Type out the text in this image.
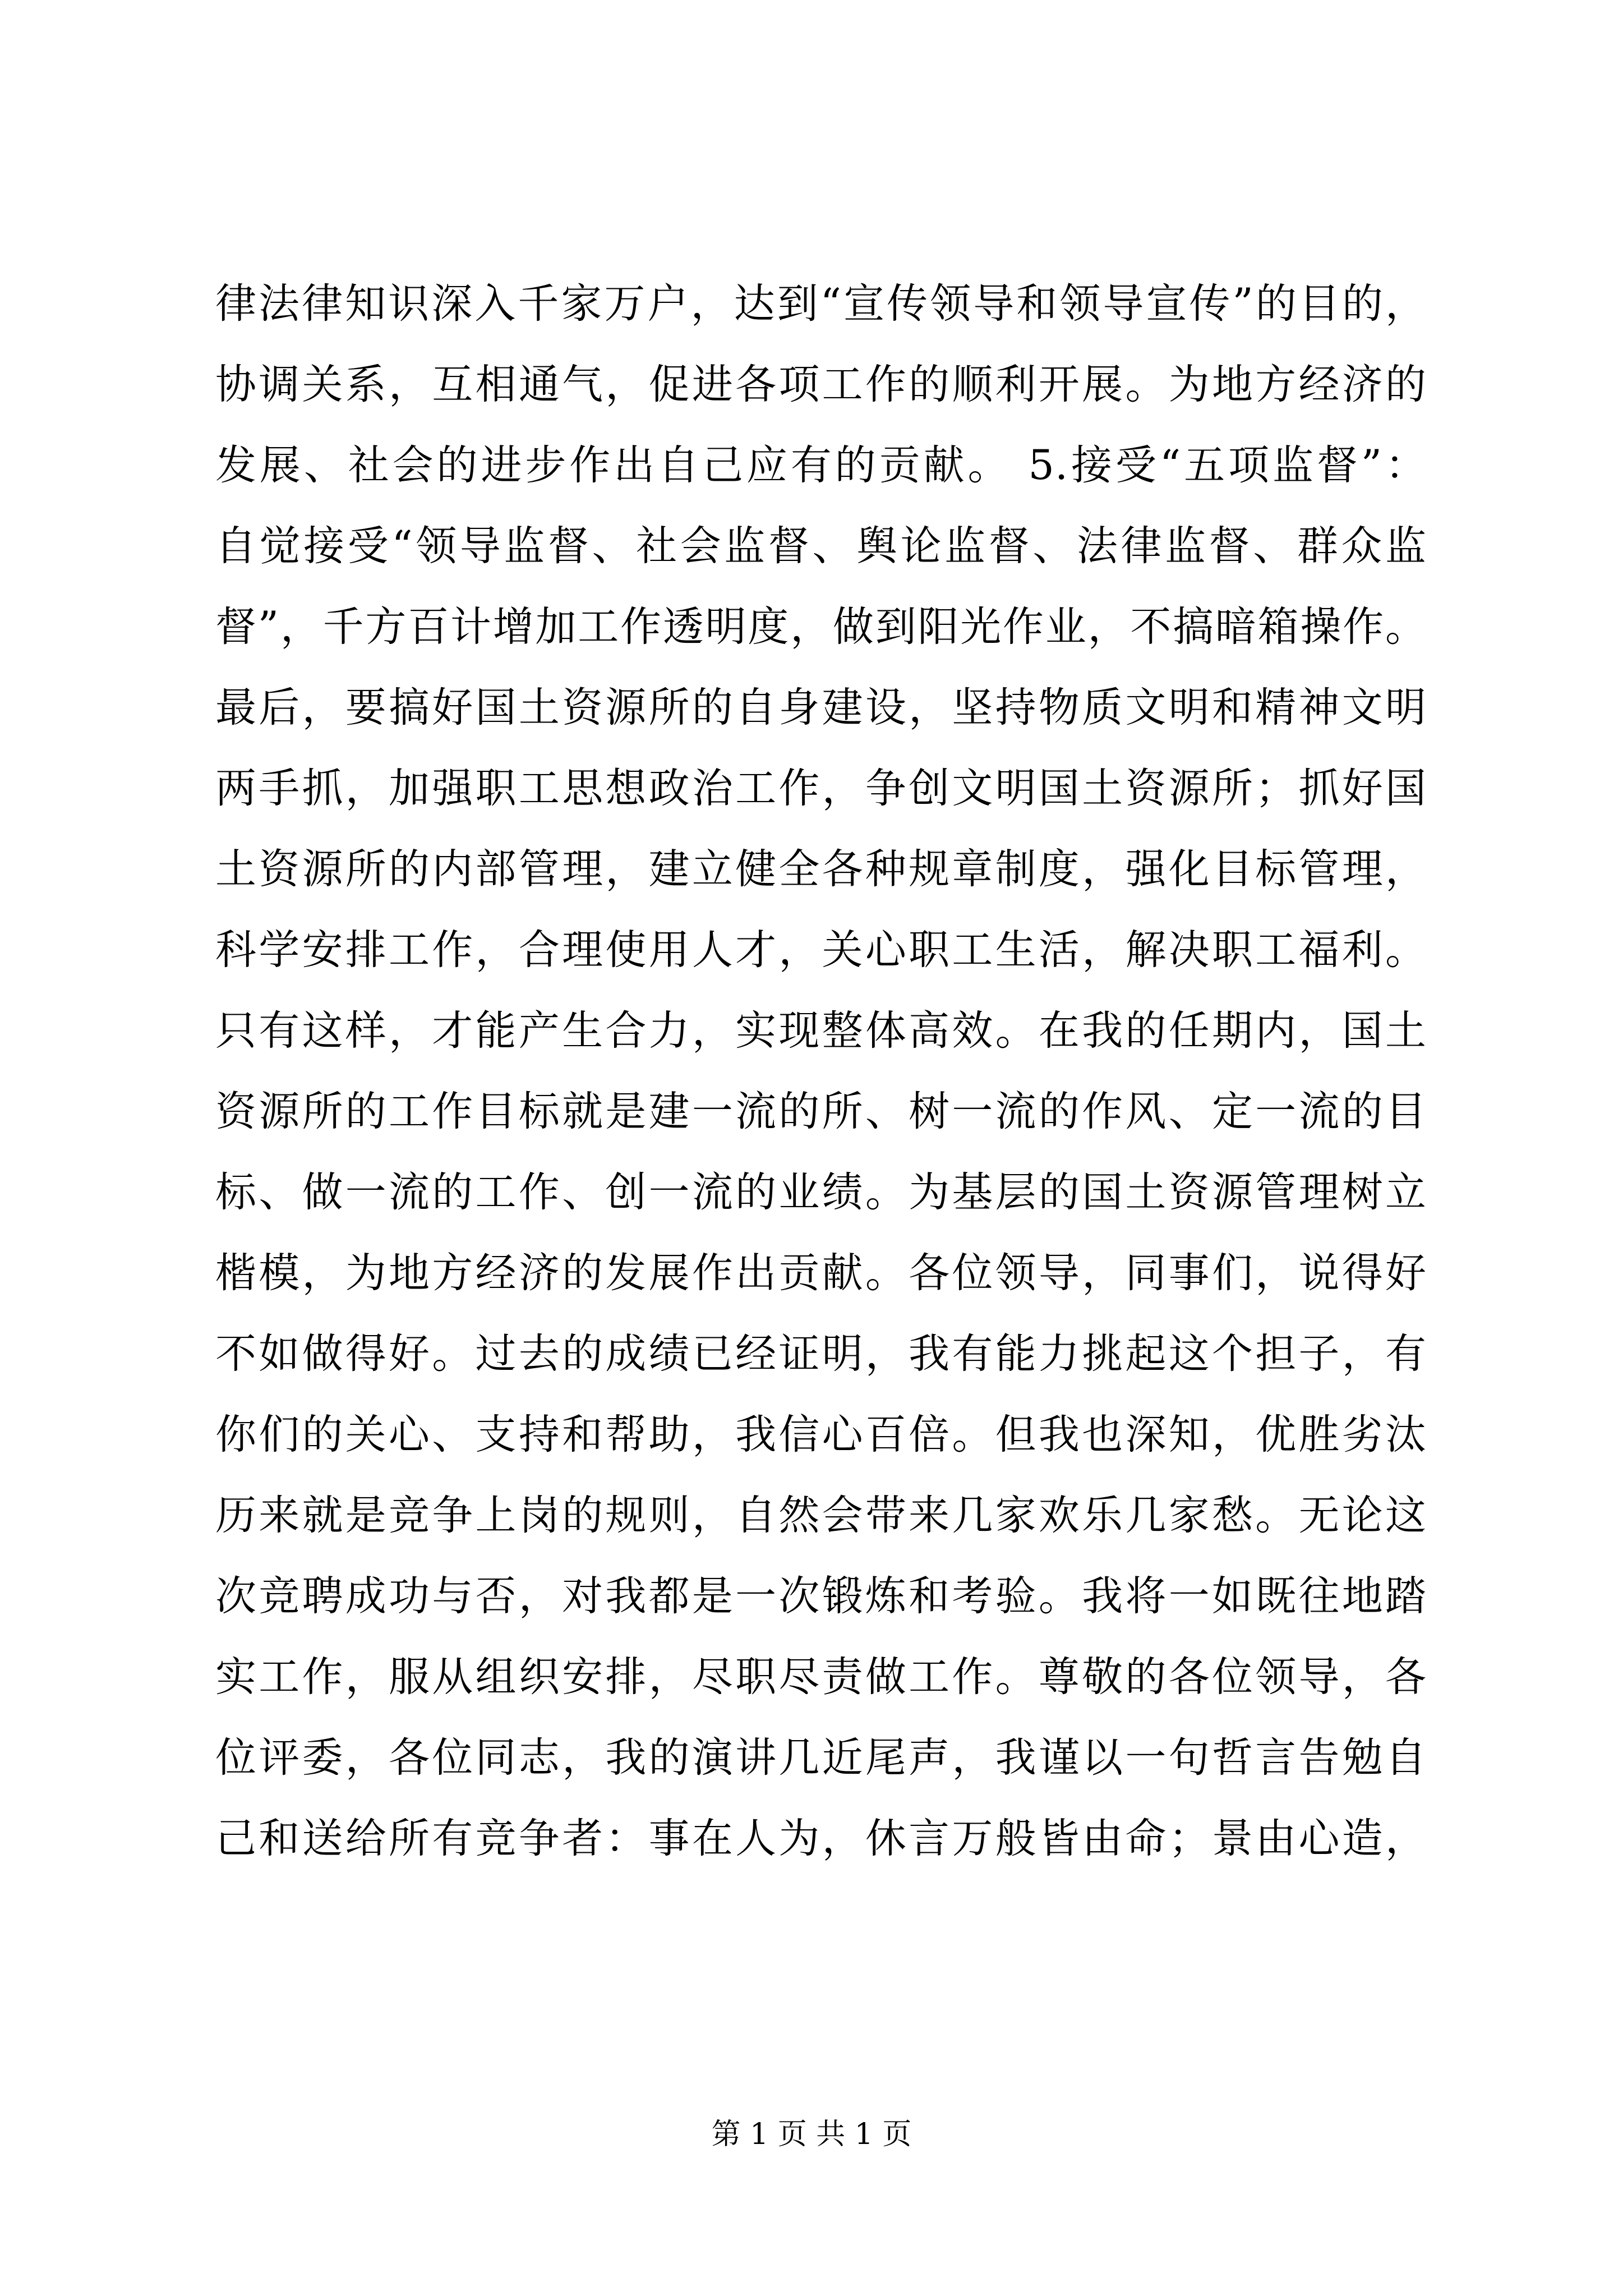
律法律知识深入千家万户，达到“宣传领导和领导宣传”的目的，
协调关系，互相通气，促进各项工作的顺利开展。为地方经济的
发展、社会的进步作出自己应有的贡献。 5.接受“五项监督”：
自觉接受“领导监督、社会监督、舆论监督、法律监督、群众监
督”，千方百计增加工作透明度，做到阳光作业，不搞暗箱操作。
最后，要搞好国土资源所的自身建设，坚持物质文明和精神文明
两手抓，加强职工思想政治工作，争创文明国土资源所；抓好国
土资源所的内部管理，建立健全各种规章制度，强化目标管理，
科学安排工作，合理使用人才，关心职工生活，解决职工福利。
只有这样，才能产生合力，实现整体高效。在我的任期内，国土
资源所的工作目标就是建一流的所、树一流的作风、定一流的目
标、做一流的工作、创一流的业绩。为基层的国土资源管理树立
楷模，为地方经济的发展作出贡献。各位领导，同事们，说得好
不如做得好。过去的成绩已经证明，我有能力挑起这个担子，有
你们的关心、支持和帮助，我信心百倍。但我也深知，优胜劣汰
历来就是竞争上岗的规则，自然会带来几家欢乐几家愁。无论这
次竞聘成功与否，对我都是一次锻炼和考验。我将一如既往地踏
实工作，服从组织安排，尽职尽责做工作。尊敬的各位领导，各
位评委，各位同志，我的演讲几近尾声，我谨以一句哲言告勉自
己和送给所有竞争者：事在人为，休言万般皆由命；景由心造，
第 1 页 共 1 页
